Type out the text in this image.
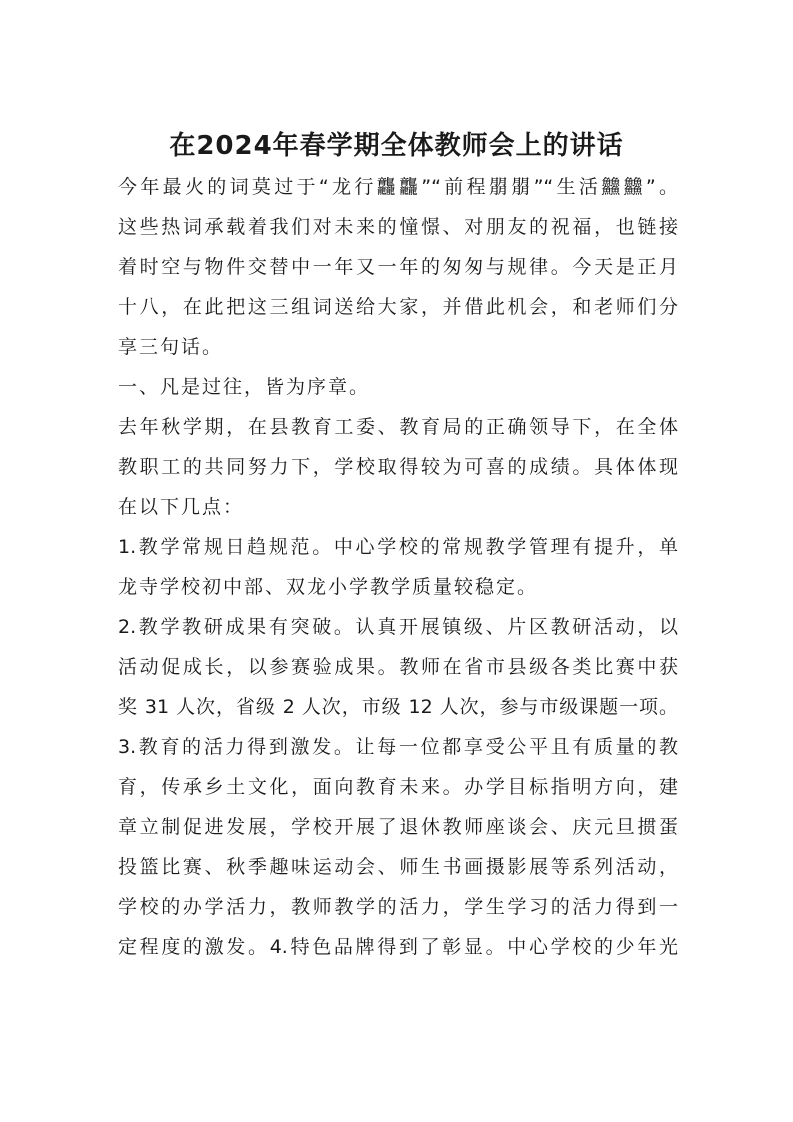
在2024年春学期全体教师会上的讲话
今年最火的词莫过于“龙行龘龘”“前程朤朤”“生活䲜䲜”。
这些热词承载着我们对未来的憧憬、对朋友的祝福，也链接
着时空与物件交替中一年又一年的匆匆与规律。今天是正月
十八，在此把这三组词送给大家，并借此机会，和老师们分
享三句话。
一、凡是过往，皆为序章。
去年秋学期，在县教育工委、教育局的正确领导下，在全体
教职工的共同努力下，学校取得较为可喜的成绩。具体体现
在以下几点：
1.教学常规日趋规范。中心学校的常规教学管理有提升，单
龙寺学校初中部、双龙小学教学质量较稳定。
2.教学教研成果有突破。认真开展镇级、片区教研活动，以
活动促成长，以参赛验成果。教师在省市县级各类比赛中获
奖 31 人次，省级 2 人次，市级 12 人次，参与市级课题一项。
3.教育的活力得到激发。让每一位都享受公平且有质量的教
育，传承乡土文化，面向教育未来。办学目标指明方向，建
章立制促进发展，学校开展了退休教师座谈会、庆元旦掼蛋
投篮比赛、秋季趣味运动会、师生书画摄影展等系列活动，
学校的办学活力，教师教学的活力，学生学习的活力得到一
定程度的激发。4.特色品牌得到了彰显。中心学校的少年光
